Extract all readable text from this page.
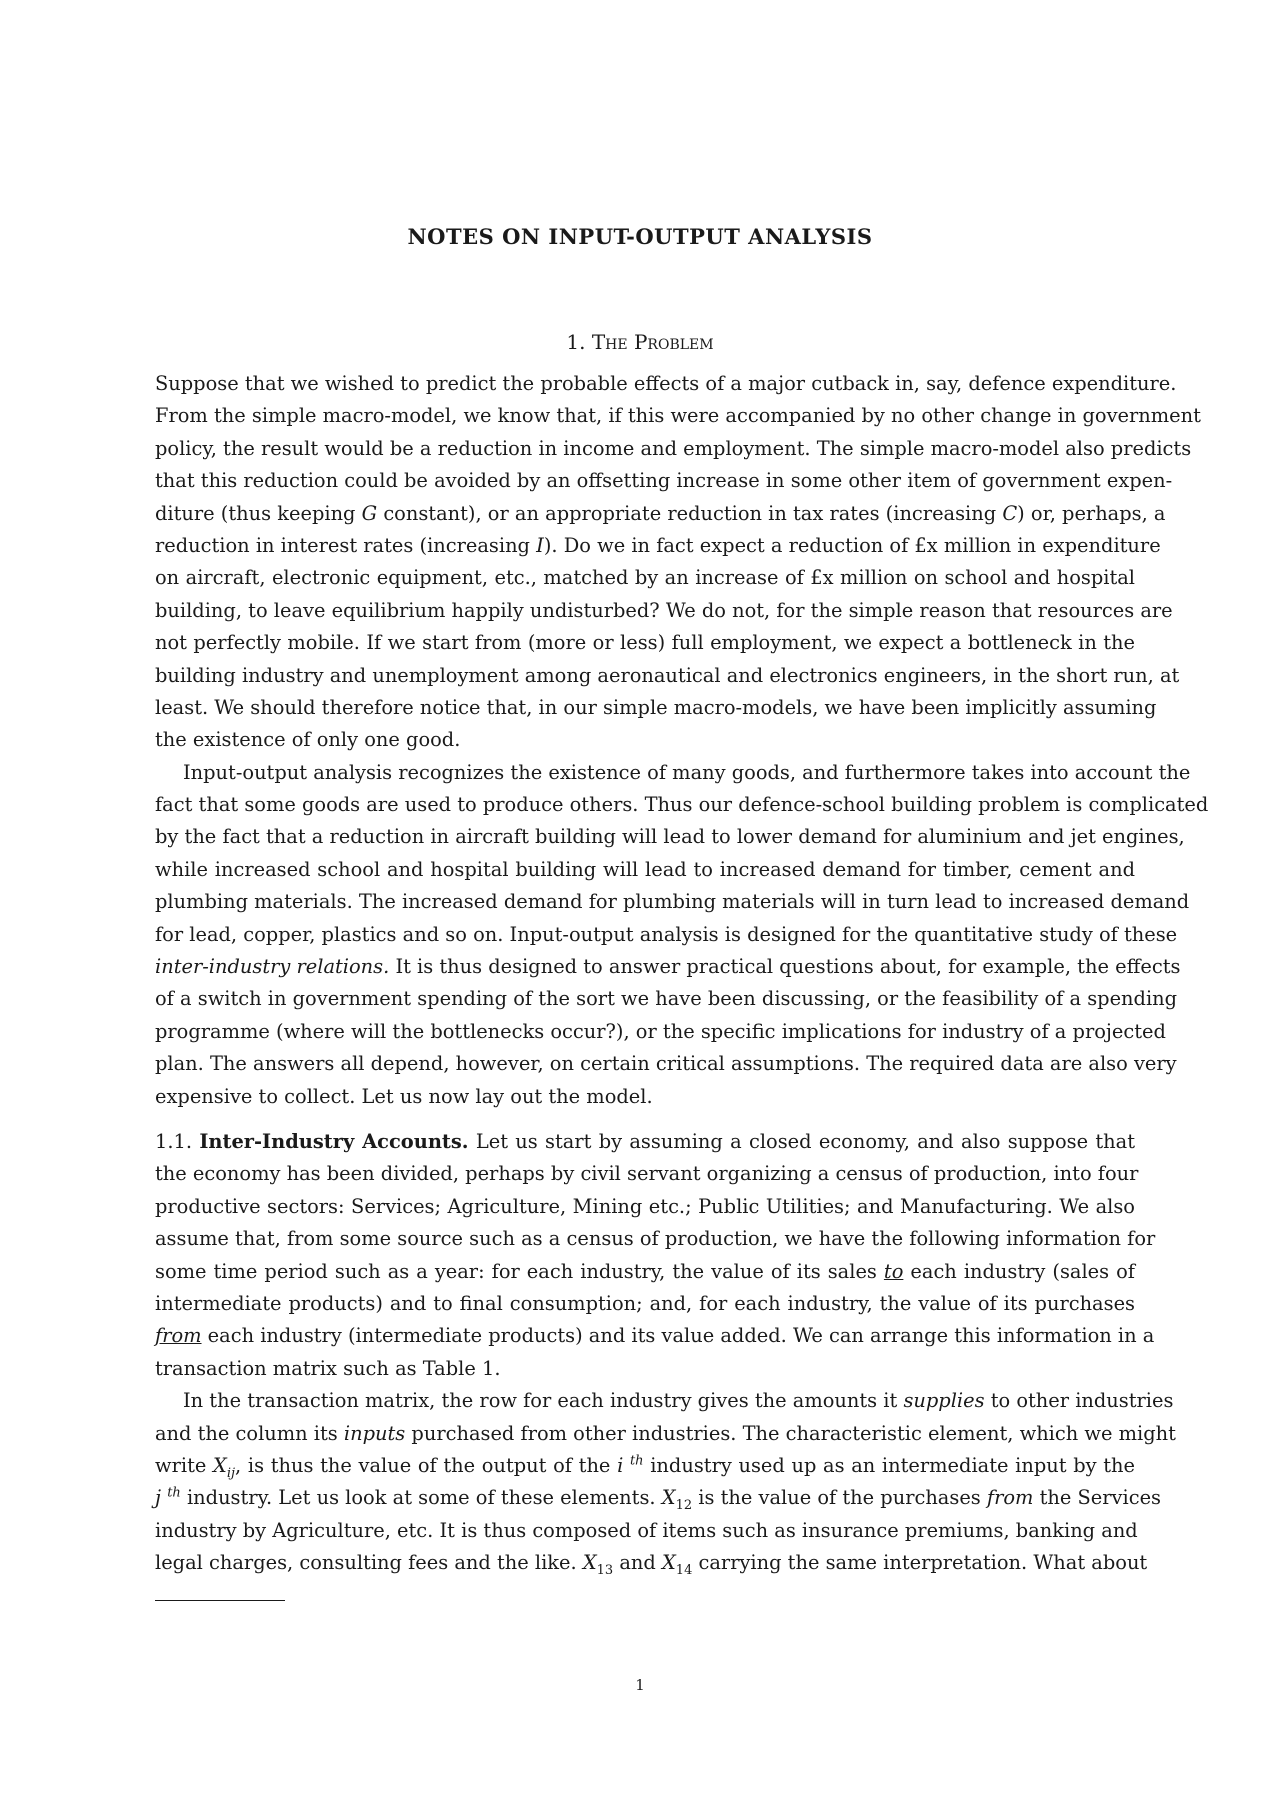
NOTES ON INPUT-OUTPUT ANALYSIS
1. The Problem
Suppose that we wished to predict the probable effects of a major cutback in, say, defence expenditure.
From the simple macro-model, we know that, if this were accompanied by no other change in government
policy, the result would be a reduction in income and employment. The simple macro-model also predicts
that this reduction could be avoided by an offsetting increase in some other item of government expen-
diture (thus keeping G constant), or an appropriate reduction in tax rates (increasing C) or, perhaps, a
reduction in interest rates (increasing I). Do we in fact expect a reduction of £x million in expenditure
on aircraft, electronic equipment, etc., matched by an increase of £x million on school and hospital
building, to leave equilibrium happily undisturbed? We do not, for the simple reason that resources are
not perfectly mobile. If we start from (more or less) full employment, we expect a bottleneck in the
building industry and unemployment among aeronautical and electronics engineers, in the short run, at
least. We should therefore notice that, in our simple macro-models, we have been implicitly assuming
the existence of only one good.
Input-output analysis recognizes the existence of many goods, and furthermore takes into account the
fact that some goods are used to produce others. Thus our defence-school building problem is complicated
by the fact that a reduction in aircraft building will lead to lower demand for aluminium and jet engines,
while increased school and hospital building will lead to increased demand for timber, cement and
plumbing materials. The increased demand for plumbing materials will in turn lead to increased demand
for lead, copper, plastics and so on. Input-output analysis is designed for the quantitative study of these
inter-industry relations. It is thus designed to answer practical questions about, for example, the effects
of a switch in government spending of the sort we have been discussing, or the feasibility of a spending
programme (where will the bottlenecks occur?), or the specific implications for industry of a projected
plan. The answers all depend, however, on certain critical assumptions. The required data are also very
expensive to collect. Let us now lay out the model.
1.1. Inter-Industry Accounts. Let us start by assuming a closed economy, and also suppose that
the economy has been divided, perhaps by civil servant organizing a census of production, into four
productive sectors: Services; Agriculture, Mining etc.; Public Utilities; and Manufacturing. We also
assume that, from some source such as a census of production, we have the following information for
some time period such as a year: for each industry, the value of its sales to each industry (sales of
intermediate products) and to final consumption; and, for each industry, the value of its purchases
from each industry (intermediate products) and its value added. We can arrange this information in a
transaction matrix such as Table 1.
In the transaction matrix, the row for each industry gives the amounts it supplies to other industries
and the column its inputs purchased from other industries. The characteristic element, which we might
write $X_{ij}$, is thus the value of the output of the i $^{th}$ industry used up as an intermediate input by the
j $^{th}$ industry. Let us look at some of these elements. $X_{12}$ is the value of the purchases from the Services
industry by Agriculture, etc. It is thus composed of items such as insurance premiums, banking and
legal charges, consulting fees and the like. $X_{13}$ and $X_{14}$ carrying the same interpretation. What about
1
